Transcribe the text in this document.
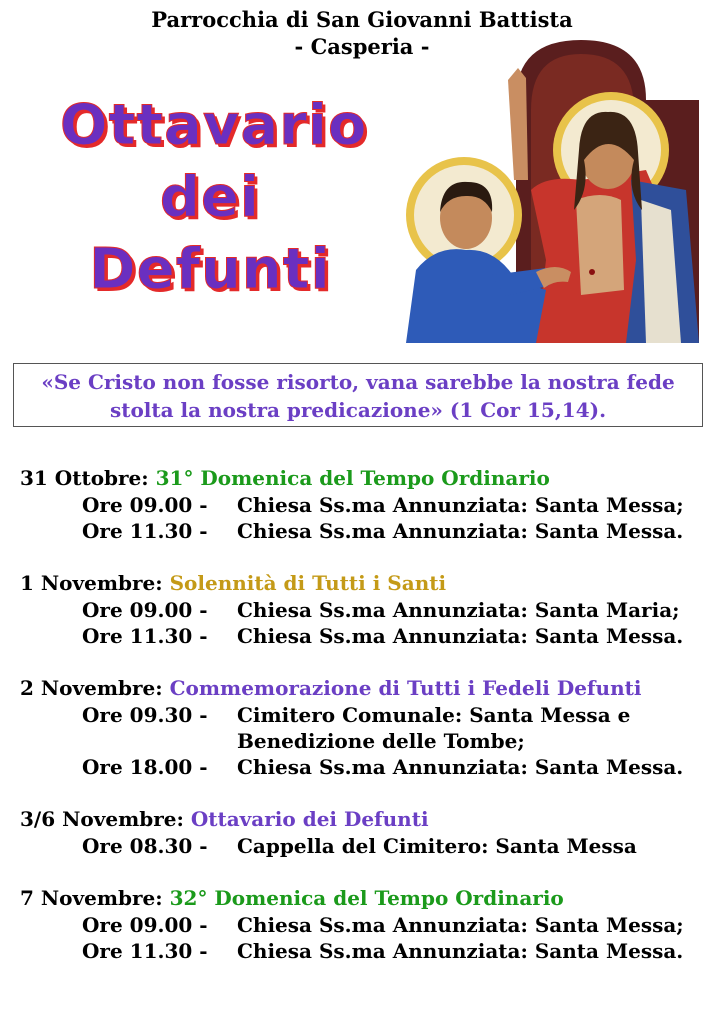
Parrocchia di San Giovanni Battista
- Casperia -
Ottavario
dei
Defunti
«Se Cristo non fosse risorto, vana sarebbe la nostra fede
stolta la nostra predicazione» (1 Cor 15,14).
31 Ottobre: 31° Domenica del Tempo Ordinario
Ore 09.00 -	Chiesa Ss.ma Annunziata: Santa Messa;
Ore 11.30 -	Chiesa Ss.ma Annunziata: Santa Messa.
1 Novembre: Solennità di Tutti i Santi
Ore 09.00 -	Chiesa Ss.ma Annunziata: Santa Maria;
Ore 11.30 -	Chiesa Ss.ma Annunziata: Santa Messa.
2 Novembre: Commemorazione di Tutti i Fedeli Defunti
Ore 09.30 -	Cimitero Comunale: Santa Messa e Benedizione delle Tombe;
Ore 18.00 -	Chiesa Ss.ma Annunziata: Santa Messa.
3/6 Novembre: Ottavario dei Defunti
Ore 08.30 -	Cappella del Cimitero: Santa Messa
7 Novembre: 32° Domenica del Tempo Ordinario
Ore 09.00 -	Chiesa Ss.ma Annunziata: Santa Messa;
Ore 11.30 -	Chiesa Ss.ma Annunziata: Santa Messa.
